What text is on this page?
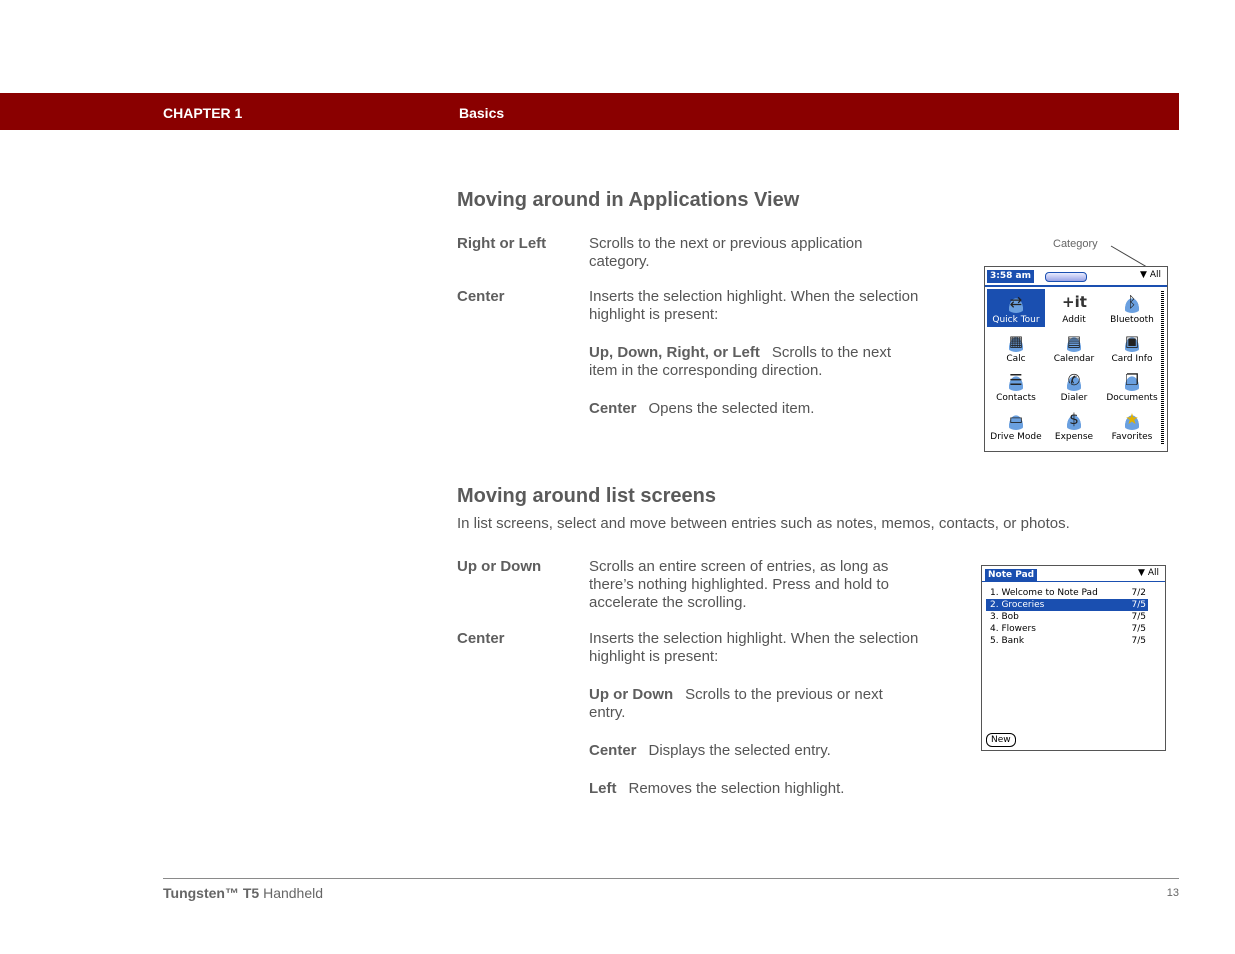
CHAPTER 1	Basics
Moving around in Applications View
Right or Left	Scrolls to the next or previous application category.
Center	Inserts the selection highlight. When the selection highlight is present:
Up, Down, Right, or Left Scrolls to the next item in the corresponding direction.
Center Opens the selected item.
Category
3:58 am	▼ All
⇄
Quick Tour
+it
Addit
ᛒ
Bluetooth
▦
Calc
▤
Calendar
▣
Card Info
☰
Contacts
✆
Dialer
❐
Documents
▭
Drive Mode
$
Expense
★
Favorites
Moving around list screens
In list screens, select and move between entries such as notes, memos, contacts, or photos.
Up or Down	Scrolls an entire screen of entries, as long as there’s nothing highlighted. Press and hold to accelerate the scrolling.
Center	Inserts the selection highlight. When the selection highlight is present:
Up or Down Scrolls to the previous or next entry.
Center Displays the selected entry.
Left Removes the selection highlight.
Note Pad	▼ All
1. Welcome to Note Pad	7/2
2. Groceries	7/5
3. Bob	7/5
4. Flowers	7/5
5. Bank	7/5
New
Tungsten™ T5 Handheld	13
